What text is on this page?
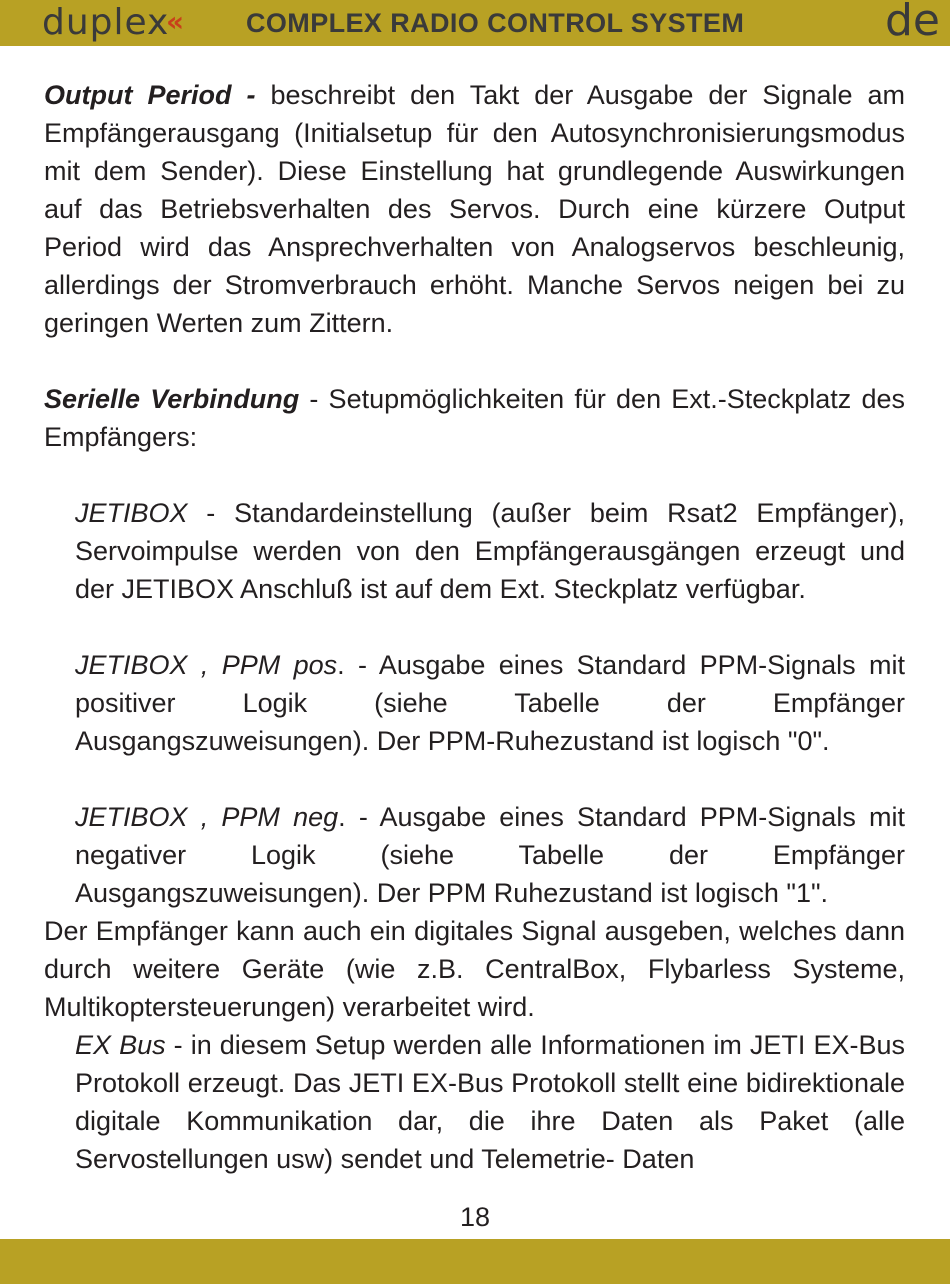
duplex
« COMPLEX RADIO CONTROL SYSTEM	de

Output Period - beschreibt den Takt der Ausgabe der Signale am Empfängerausgang (Initialsetup für den Autosynchronisierungsmodus mit dem Sender). Diese Einstellung hat grundlegende Auswirkungen auf das Betriebsverhalten des Servos. Durch eine kürzere Output Period wird das Ansprechverhalten von Analogservos beschleunig, allerdings der Stromverbrauch erhöht. Manche Servos neigen bei zu geringen Werten zum Zittern.

Serielle Verbindung - Setupmöglichkeiten für den Ext.-Steckplatz des Empfängers:

JETIBOX - Standardeinstellung (außer beim Rsat2 Empfänger), Servoimpulse werden von den Empfängerausgängen erzeugt und der JETIBOX Anschluß ist auf dem Ext. Steckplatz verfügbar.

JETIBOX , PPM pos. - Ausgabe eines Standard PPM-Signals mit positiver Logik (siehe Tabelle der Empfänger Ausgangszuweisungen). Der PPM-Ruhezustand ist logisch "0".

JETIBOX , PPM neg. - Ausgabe eines Standard PPM-Signals mit negativer Logik (siehe Tabelle der Empfänger Ausgangszuweisungen). Der PPM Ruhezustand ist logisch "1".

Der Empfänger kann auch ein digitales Signal ausgeben, welches dann durch weitere Geräte (wie z.B. CentralBox, Flybarless Systeme, Multikoptersteuerungen) verarbeitet wird.

EX Bus - in diesem Setup werden alle Informationen im JETI EX-Bus Protokoll erzeugt. Das JETI EX-Bus Protokoll stellt eine bidirektionale digitale Kommunikation dar, die ihre Daten als Paket (alle Servostellungen usw) sendet und Telemetrie- Daten

18
